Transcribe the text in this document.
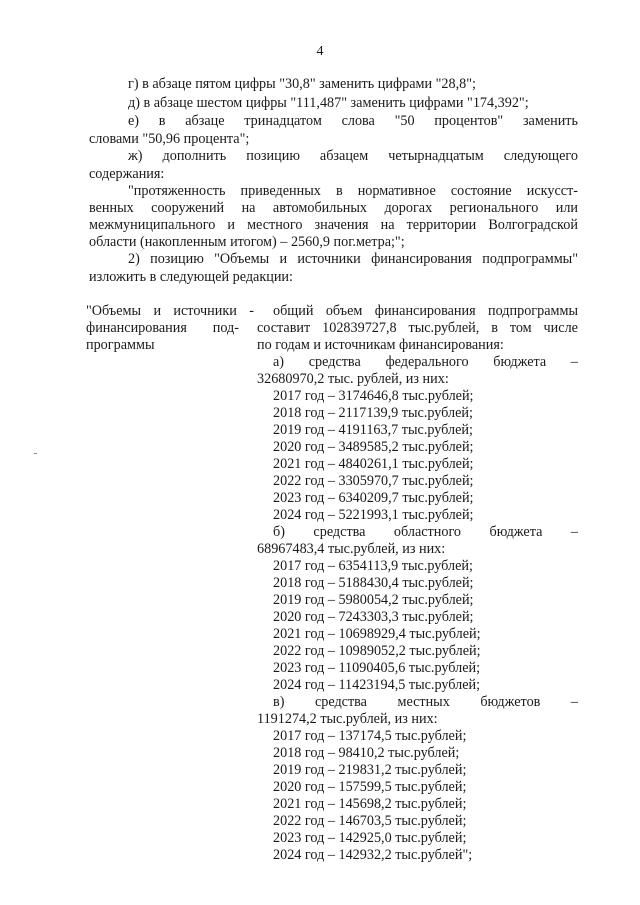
4
г) в абзаце пятом цифры "30,8" заменить цифрами "28,8";
д) в абзаце шестом цифры "111,487" заменить цифрами "174,392";
е) в абзаце тринадцатом слова "50 процентов" заменить
словами "50,96 процента";
ж) дополнить позицию абзацем четырнадцатым следующего
содержания:
"протяженность приведенных в нормативное состояние искусст-
венных сооружений на автомобильных дорогах регионального или
межмуниципального и местного значения на территории Волгоградской
области (накопленным итогом) – 2560,9 пог.метра;";
2) позицию "Объемы и источники финансирования подпрограммы"
изложить в следующей редакции:
"Объемы и источники -
финансирования под-
программы
общий объем финансирования подпрограммы
составит 102839727,8 тыс.рублей, в том числе
по годам и источникам финансирования:
а) средства федерального бюджета –
32680970,2 тыс. рублей, из них:
2017 год – 3174646,8 тыс.рублей;
2018 год – 2117139,9 тыс.рублей;
2019 год – 4191163,7 тыс.рублей;
2020 год – 3489585,2 тыс.рублей;
2021 год – 4840261,1 тыс.рублей;
2022 год – 3305970,7 тыс.рублей;
2023 год – 6340209,7 тыс.рублей;
2024 год – 5221993,1 тыс.рублей;
б) средства областного бюджета –
68967483,4 тыс.рублей, из них:
2017 год – 6354113,9 тыс.рублей;
2018 год – 5188430,4 тыс.рублей;
2019 год – 5980054,2 тыс.рублей;
2020 год – 7243303,3 тыс.рублей;
2021 год – 10698929,4 тыс.рублей;
2022 год – 10989052,2 тыс.рублей;
2023 год – 11090405,6 тыс.рублей;
2024 год – 11423194,5 тыс.рублей;
в) средства местных бюджетов –
1191274,2 тыс.рублей, из них:
2017 год – 137174,5 тыс.рублей;
2018 год – 98410,2 тыс.рублей;
2019 год – 219831,2 тыс.рублей;
2020 год – 157599,5 тыс.рублей;
2021 год – 145698,2 тыс.рублей;
2022 год – 146703,5 тыс.рублей;
2023 год – 142925,0 тыс.рублей;
2024 год – 142932,2 тыс.рублей";
